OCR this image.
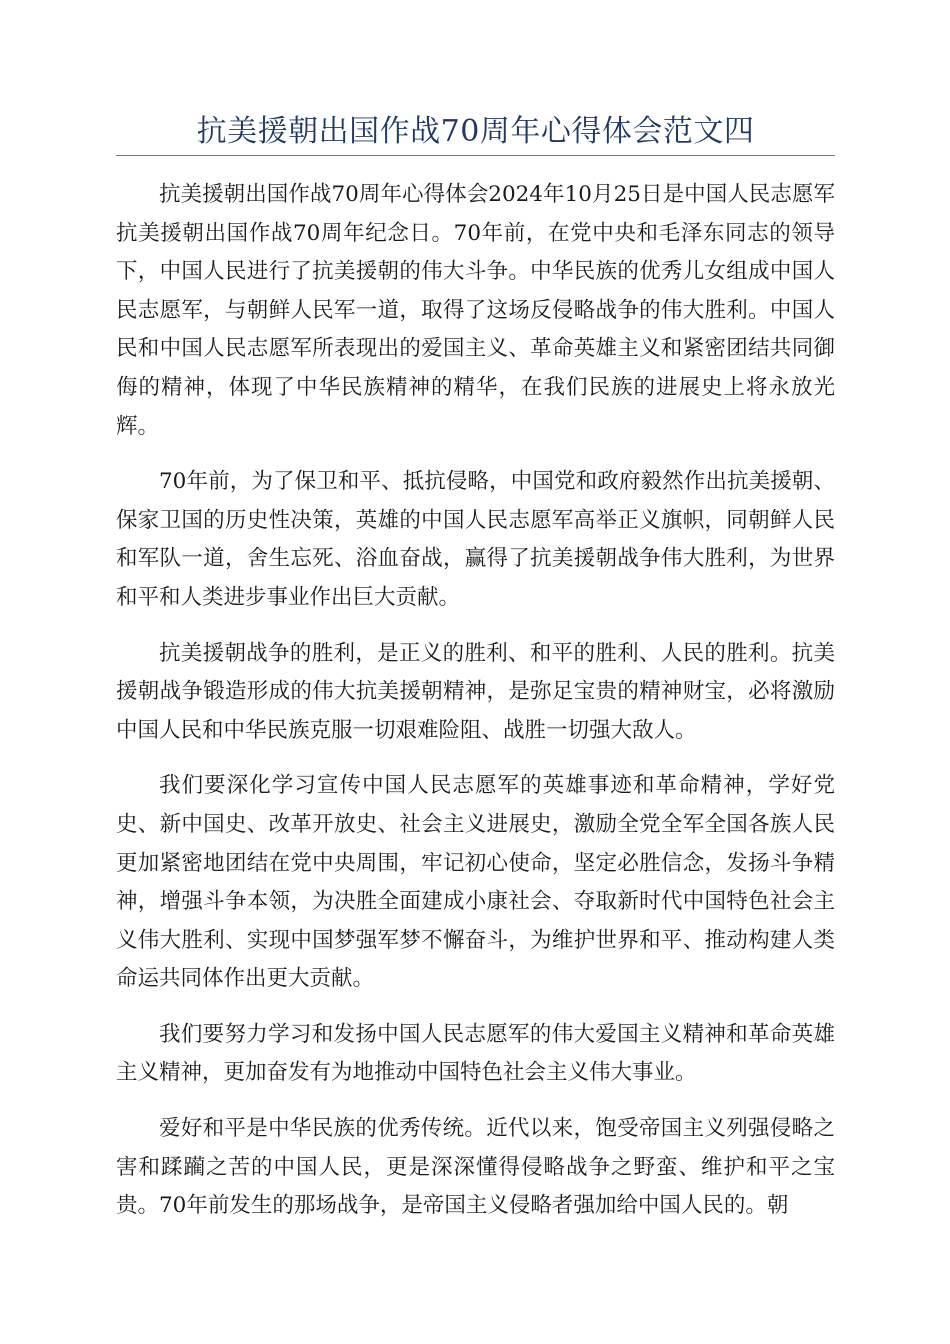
抗美援朝出国作战70周年心得体会范文四

抗美援朝出国作战70周年心得体会2024年10月25日是中国人民志愿军抗美援朝出国作战70周年纪念日。70年前，在党中央和毛泽东同志的领导下，中国人民进行了抗美援朝的伟大斗争。中华民族的优秀儿女组成中国人民志愿军，与朝鲜人民军一道，取得了这场反侵略战争的伟大胜利。中国人民和中国人民志愿军所表现出的爱国主义、革命英雄主义和紧密团结共同御侮的精神，体现了中华民族精神的精华，在我们民族的进展史上将永放光辉。

70年前，为了保卫和平、抵抗侵略，中国党和政府毅然作出抗美援朝、保家卫国的历史性决策，英雄的中国人民志愿军高举正义旗帜，同朝鲜人民和军队一道，舍生忘死、浴血奋战，赢得了抗美援朝战争伟大胜利，为世界和平和人类进步事业作出巨大贡献。

抗美援朝战争的胜利，是正义的胜利、和平的胜利、人民的胜利。抗美援朝战争锻造形成的伟大抗美援朝精神，是弥足宝贵的精神财宝，必将激励中国人民和中华民族克服一切艰难险阻、战胜一切强大敌人。

我们要深化学习宣传中国人民志愿军的英雄事迹和革命精神，学好党史、新中国史、改革开放史、社会主义进展史，激励全党全军全国各族人民更加紧密地团结在党中央周围，牢记初心使命，坚定必胜信念，发扬斗争精神，增强斗争本领，为决胜全面建成小康社会、夺取新时代中国特色社会主义伟大胜利、实现中国梦强军梦不懈奋斗，为维护世界和平、推动构建人类命运共同体作出更大贡献。

我们要努力学习和发扬中国人民志愿军的伟大爱国主义精神和革命英雄主义精神，更加奋发有为地推动中国特色社会主义伟大事业。

爱好和平是中华民族的优秀传统。近代以来，饱受帝国主义列强侵略之害和蹂躏之苦的中国人民，更是深深懂得侵略战争之野蛮、维护和平之宝贵。70年前发生的那场战争，是帝国主义侵略者强加给中国人民的。朝
